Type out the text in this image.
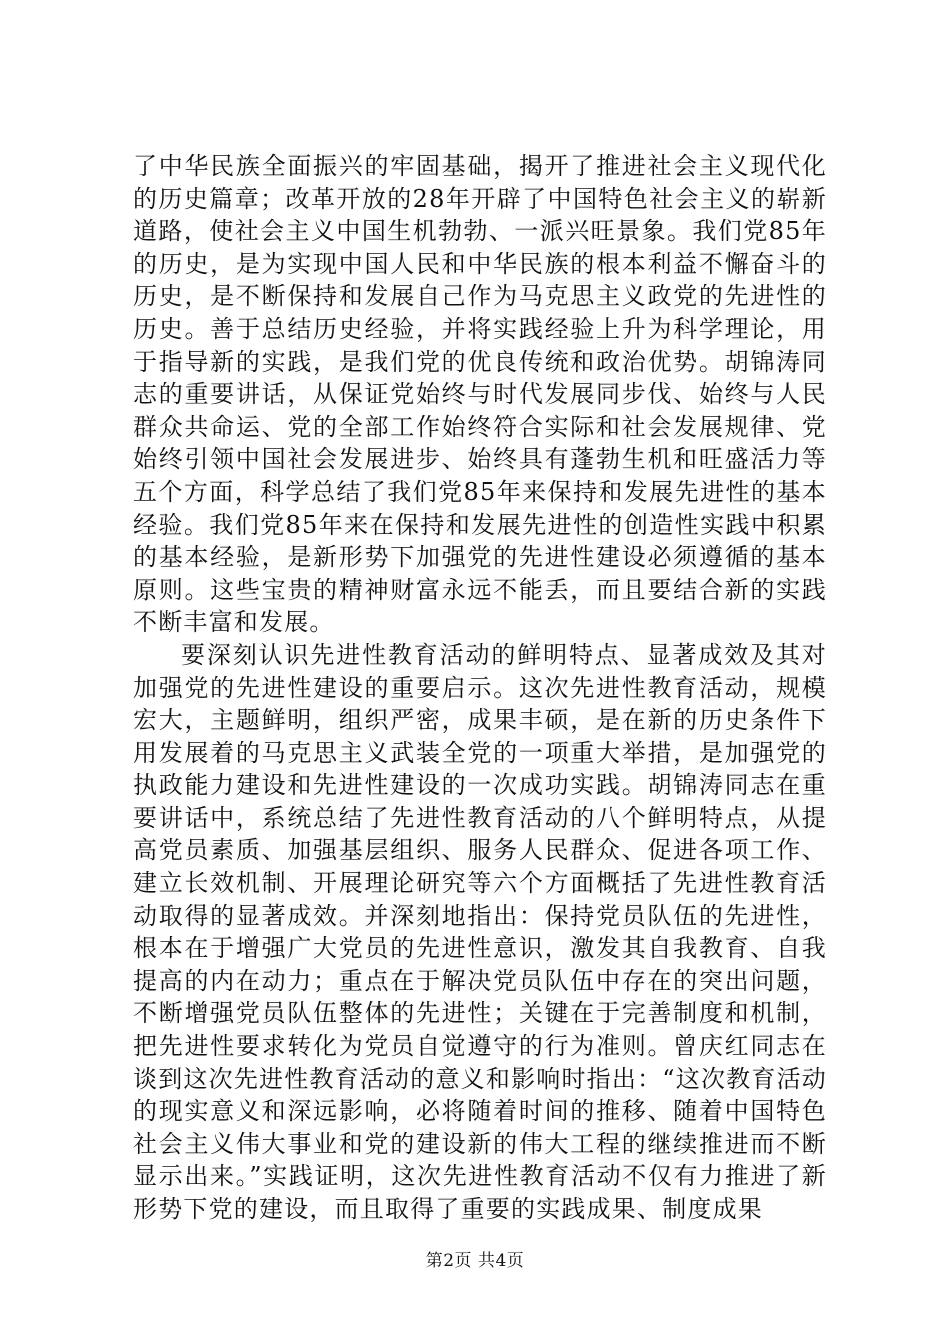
了中华民族全面振兴的牢固基础，揭开了推进社会主义现代化的历史篇章；改革开放的28年开辟了中国特色社会主义的崭新道路，使社会主义中国生机勃勃、一派兴旺景象。我们党85年的历史，是为实现中国人民和中华民族的根本利益不懈奋斗的历史，是不断保持和发展自己作为马克思主义政党的先进性的历史。善于总结历史经验，并将实践经验上升为科学理论，用于指导新的实践，是我们党的优良传统和政治优势。胡锦涛同志的重要讲话，从保证党始终与时代发展同步伐、始终与人民群众共命运、党的全部工作始终符合实际和社会发展规律、党始终引领中国社会发展进步、始终具有蓬勃生机和旺盛活力等五个方面，科学总结了我们党85年来保持和发展先进性的基本经验。我们党85年来在保持和发展先进性的创造性实践中积累的基本经验，是新形势下加强党的先进性建设必须遵循的基本原则。这些宝贵的精神财富永远不能丢，而且要结合新的实践不断丰富和发展。

要深刻认识先进性教育活动的鲜明特点、显著成效及其对加强党的先进性建设的重要启示。这次先进性教育活动，规模宏大，主题鲜明，组织严密，成果丰硕，是在新的历史条件下用发展着的马克思主义武装全党的一项重大举措，是加强党的执政能力建设和先进性建设的一次成功实践。胡锦涛同志在重要讲话中，系统总结了先进性教育活动的八个鲜明特点，从提高党员素质、加强基层组织、服务人民群众、促进各项工作、建立长效机制、开展理论研究等六个方面概括了先进性教育活动取得的显著成效。并深刻地指出：保持党员队伍的先进性，根本在于增强广大党员的先进性意识，激发其自我教育、自我提高的内在动力；重点在于解决党员队伍中存在的突出问题，不断增强党员队伍整体的先进性；关键在于完善制度和机制，把先进性要求转化为党员自觉遵守的行为准则。曾庆红同志在谈到这次先进性教育活动的意义和影响时指出：“这次教育活动的现实意义和深远影响，必将随着时间的推移、随着中国特色社会主义伟大事业和党的建设新的伟大工程的继续推进而不断显示出来。”实践证明，这次先进性教育活动不仅有力推进了新形势下党的建设，而且取得了重要的实践成果、制度成果

第2页 共4页
